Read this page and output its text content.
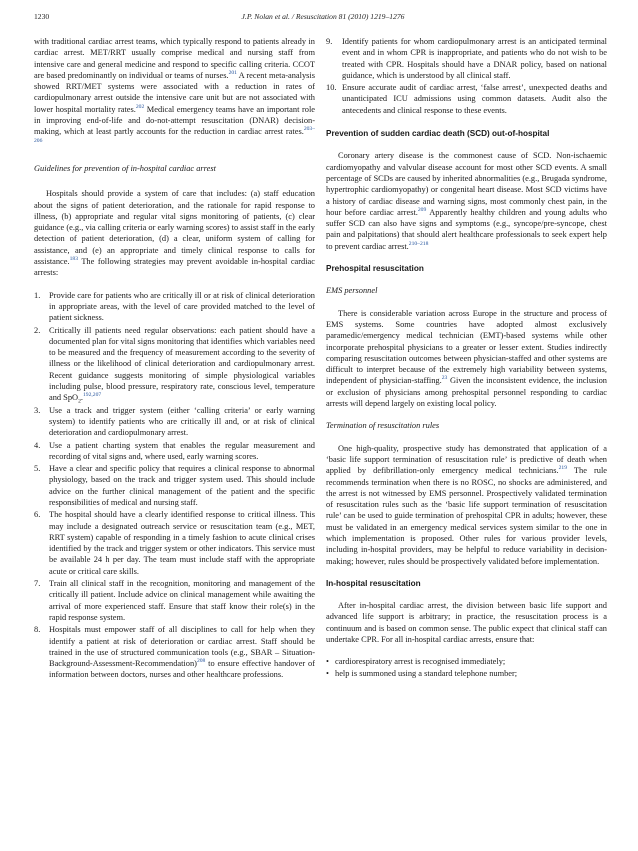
1230	J.P. Nolan et al. / Resuscitation 81 (2010) 1219–1276

with traditional cardiac arrest teams, which typically respond to patients already in cardiac arrest. MET/RRT usually comprise medical and nursing staff from intensive care and general medicine and respond to specific calling criteria. CCOT are based predominantly on individual or teams of nurses.$^{201}$ A recent meta-analysis showed RRT/MET systems were associated with a reduction in rates of cardiopulmonary arrest outside the intensive care unit but are not associated with lower hospital mortality rates.$^{202}$ Medical emergency teams have an important role in improving end-of-life and do-not-attempt resuscitation (DNAR) decision-making, which at least partly accounts for the reduction in cardiac arrest rates.$^{203-206}$

Guidelines for prevention of in-hospital cardiac arrest

Hospitals should provide a system of care that includes: (a) staff education about the signs of patient deterioration, and the rationale for rapid response to illness, (b) appropriate and regular vital signs monitoring of patients, (c) clear guidance (e.g., via calling criteria or early warning scores) to assist staff in the early detection of patient deterioration, (d) a clear, uniform system of calling for assistance, and (e) an appropriate and timely clinical response to calls for assistance.$^{183}$ The following strategies may prevent avoidable in-hospital cardiac arrests:

1.	Provide care for patients who are critically ill or at risk of clinical deterioration in appropriate areas, with the level of care provided matched to the level of patient sickness.
2.	Critically ill patients need regular observations: each patient should have a documented plan for vital signs monitoring that identifies which variables need to be measured and the frequency of measurement according to the severity of illness or the likelihood of clinical deterioration and cardiopulmonary arrest. Recent guidance suggests monitoring of simple physiological variables including pulse, blood pressure, respiratory rate, conscious level, temperature and SpO$_2$.$^{192,207}$
3.	Use a track and trigger system (either ‘calling criteria’ or early warning system) to identify patients who are critically ill and, or at risk of clinical deterioration and cardiopulmonary arrest.
4.	Use a patient charting system that enables the regular measurement and recording of vital signs and, where used, early warning scores.
5.	Have a clear and specific policy that requires a clinical response to abnormal physiology, based on the track and trigger system used. This should include advice on the further clinical management of the patient and the specific responsibilities of medical and nursing staff.
6.	The hospital should have a clearly identified response to critical illness. This may include a designated outreach service or resuscitation team (e.g., MET, RRT system) capable of responding in a timely fashion to acute clinical crises identified by the track and trigger system or other indicators. This service must be available 24 h per day. The team must include staff with the appropriate acute or critical care skills.
7.	Train all clinical staff in the recognition, monitoring and management of the critically ill patient. Include advice on clinical management while awaiting the arrival of more experienced staff. Ensure that staff know their role(s) in the rapid response system.
8.	Hospitals must empower staff of all disciplines to call for help when they identify a patient at risk of deterioration or cardiac arrest. Staff should be trained in the use of structured communication tools (e.g., SBAR – Situation-Background-Assessment-Recommendation)$^{208}$ to ensure effective handover of information between doctors, nurses and other healthcare professions.
9.	Identify patients for whom cardiopulmonary arrest is an anticipated terminal event and in whom CPR is inappropriate, and patients who do not wish to be treated with CPR. Hospitals should have a DNAR policy, based on national guidance, which is understood by all clinical staff.
10. Ensure accurate audit of cardiac arrest, ‘false arrest’, unexpected deaths and unanticipated ICU admissions using common datasets. Audit also the antecedents and clinical response to these events.

Prevention of sudden cardiac death (SCD) out-of-hospital

Coronary artery disease is the commonest cause of SCD. Non-ischaemic cardiomyopathy and valvular disease account for most other SCD events. A small percentage of SCDs are caused by inherited abnormalities (e.g., Brugada syndrome, hypertrophic cardiomyopathy) or congenital heart disease. Most SCD victims have a history of cardiac disease and warning signs, most commonly chest pain, in the hour before cardiac arrest.$^{209}$ Apparently healthy children and young adults who suffer SCD can also have signs and symptoms (e.g., syncope/pre-syncope, chest pain and palpitations) that should alert healthcare professionals to seek expert help to prevent cardiac arrest.$^{210-218}$

Prehospital resuscitation

EMS personnel

There is considerable variation across Europe in the structure and process of EMS systems. Some countries have adopted almost exclusively paramedic/emergency medical technician (EMT)-based systems while other incorporate prehospital physicians to a greater or lesser extent. Studies indirectly comparing resuscitation outcomes between physician-staffed and other systems are difficult to interpret because of the extremely high variability between systems, independent of physician-staffing.$^{23}$ Given the inconsistent evidence, the inclusion or exclusion of physicians among prehospital personnel responding to cardiac arrests will depend largely on existing local policy.

Termination of resuscitation rules

One high-quality, prospective study has demonstrated that application of a ‘basic life support termination of resuscitation rule’ is predictive of death when applied by defibrillation-only emergency medical technicians.$^{219}$ The rule recommends termination when there is no ROSC, no shocks are administered, and the arrest is not witnessed by EMS personnel. Prospectively validated termination of resuscitation rules such as the ‘basic life support termination of resuscitation rule’ can be used to guide termination of prehospital CPR in adults; however, these must be validated in an emergency medical services system similar to the one in which implementation is proposed. Other rules for various provider levels, including in-hospital providers, may be helpful to reduce variability in decision-making; however, rules should be prospectively validated before implementation.

In-hospital resuscitation

After in-hospital cardiac arrest, the division between basic life support and advanced life support is arbitrary; in practice, the resuscitation process is a continuum and is based on common sense. The public expect that clinical staff can undertake CPR. For all in-hospital cardiac arrests, ensure that:

• cardiorespiratory arrest is recognised immediately;
• help is summoned using a standard telephone number;
